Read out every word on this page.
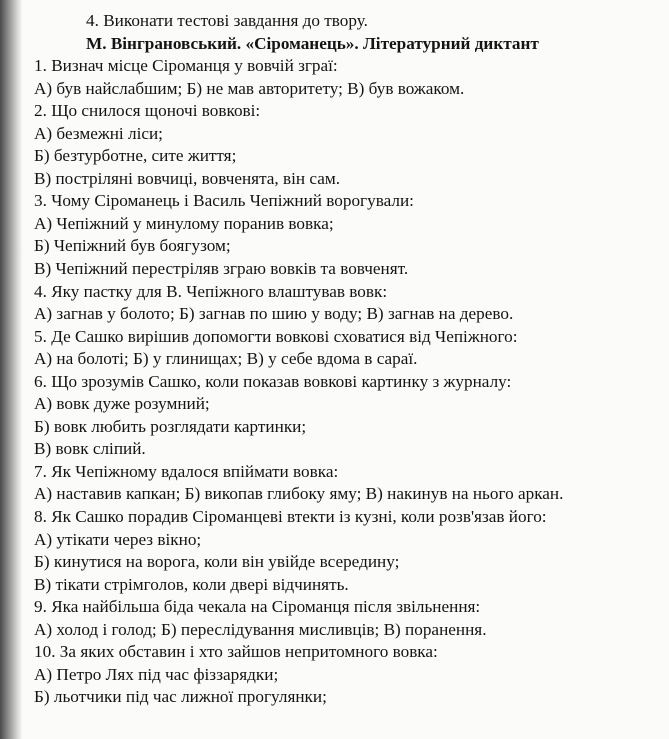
4. Виконати тестові завдання до твору.
М. Вінграновський. «Сіроманець». Літературний диктант
1. Визнач місце Сіроманця у вовчій зграї:
А) був найслабшим; Б) не мав авторитету; В) був вожаком.
2. Що снилося щоночі вовкові:
А) безмежні ліси;
Б) безтурботне, сите життя;
В) постріляні вовчиці, вовченята, він сам.
3. Чому Сіроманець і Василь Чепіжний ворогували:
А) Чепіжний у минулому поранив вовка;
Б) Чепіжний був боягузом;
В) Чепіжний перестріляв зграю вовків та вовченят.
4. Яку пастку для В. Чепіжного влаштував вовк:
А) загнав у болото; Б) загнав по шию у воду; В) загнав на дерево.
5. Де Сашко вирішив допомогти вовкові сховатися від Чепіжного:
А) на болоті; Б) у глинищах; В) у себе вдома в сараї.
6. Що зрозумів Сашко, коли показав вовкові картинку з журналу:
А) вовк дуже розумний;
Б) вовк любить розглядати картинки;
В) вовк сліпий.
7. Як Чепіжному вдалося впіймати вовка:
А) наставив капкан; Б) викопав глибоку яму; В) накинув на нього аркан.
8. Як Сашко порадив Сіроманцеві втекти із кузні, коли розв'язав його:
А) утікати через вікно;
Б) кинутися на ворога, коли він увійде всередину;
В) тікати стрімголов, коли двері відчинять.
9. Яка найбільша біда чекала на Сіроманця після звільнення:
А) холод і голод; Б) переслідування мисливців; В) поранення.
10. За яких обставин і хто зайшов непритомного вовка:
А) Петро Лях під час фіззарядки;
Б) льотчики під час лижної прогулянки;
